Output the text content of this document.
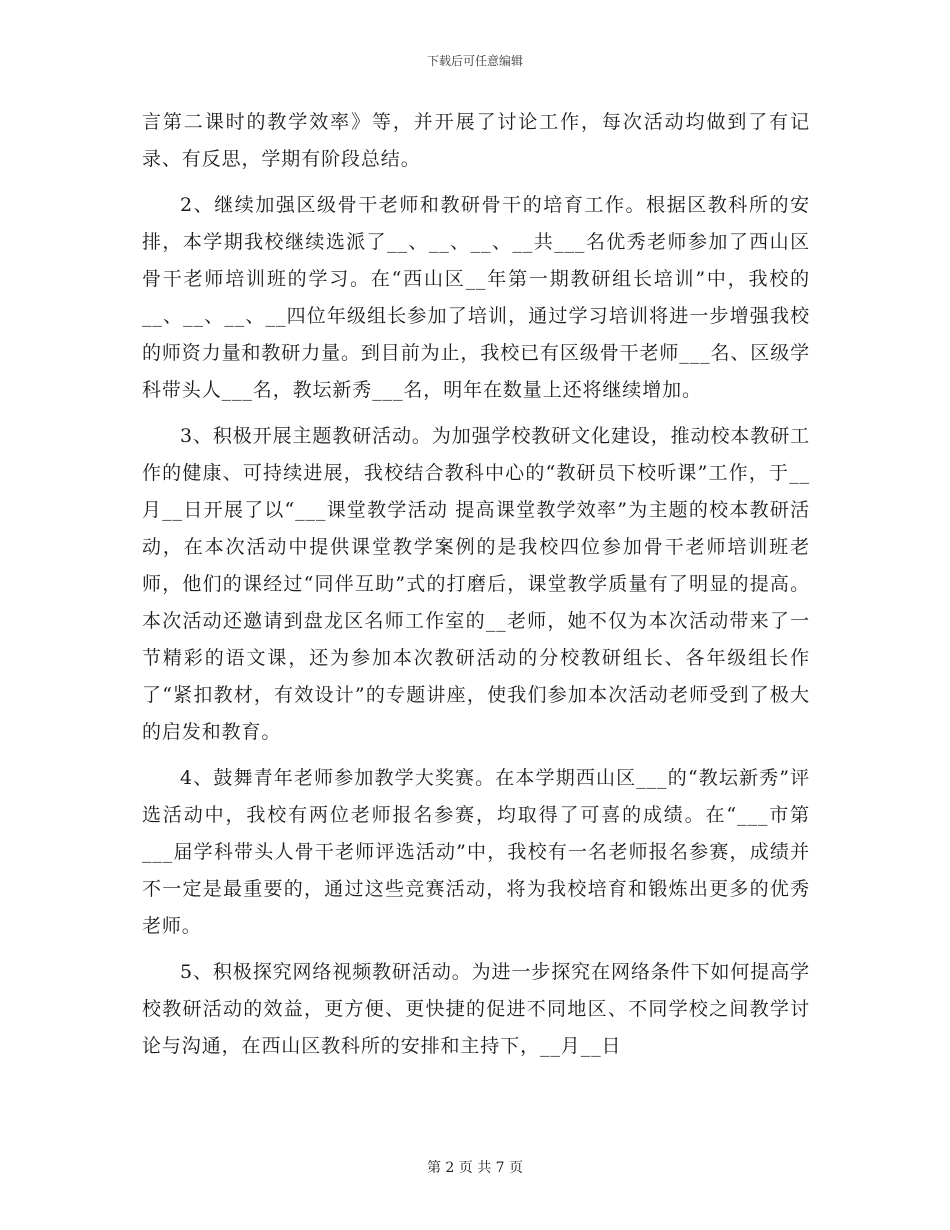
下载后可任意编辑

言第二课时的教学效率》等，并开展了讨论工作，每次活动均做到了有记录、有反思，学期有阶段总结。

2、继续加强区级骨干老师和教研骨干的培育工作。根据区教科所的安排，本学期我校继续选派了__、__、__、__共___名优秀老师参加了西山区骨干老师培训班的学习。在“西山区__年第一期教研组长培训”中，我校的__、__、__、__四位年级组长参加了培训，通过学习培训将进一步增强我校的师资力量和教研力量。到目前为止，我校已有区级骨干老师___名、区级学科带头人___名，教坛新秀___名，明年在数量上还将继续增加。

3、积极开展主题教研活动。为加强学校教研文化建设，推动校本教研工作的健康、可持续进展，我校结合教科中心的“教研员下校听课”工作，于__月__日开展了以“___课堂教学活动 提高课堂教学效率”为主题的校本教研活动，在本次活动中提供课堂教学案例的是我校四位参加骨干老师培训班老师，他们的课经过“同伴互助”式的打磨后，课堂教学质量有了明显的提高。本次活动还邀请到盘龙区名师工作室的__老师，她不仅为本次活动带来了一节精彩的语文课，还为参加本次教研活动的分校教研组长、各年级组长作了“紧扣教材，有效设计”的专题讲座，使我们参加本次活动老师受到了极大的启发和教育。

4、鼓舞青年老师参加教学大奖赛。在本学期西山区___的“教坛新秀”评选活动中，我校有两位老师报名参赛，均取得了可喜的成绩。在“___市第___届学科带头人骨干老师评选活动”中，我校有一名老师报名参赛，成绩并不一定是最重要的，通过这些竞赛活动，将为我校培育和锻炼出更多的优秀老师。

5、积极探究网络视频教研活动。为进一步探究在网络条件下如何提高学校教研活动的效益，更方便、更快捷的促进不同地区、不同学校之间教学讨论与沟通，在西山区教科所的安排和主持下，__月__日

第 2 页 共 7 页
